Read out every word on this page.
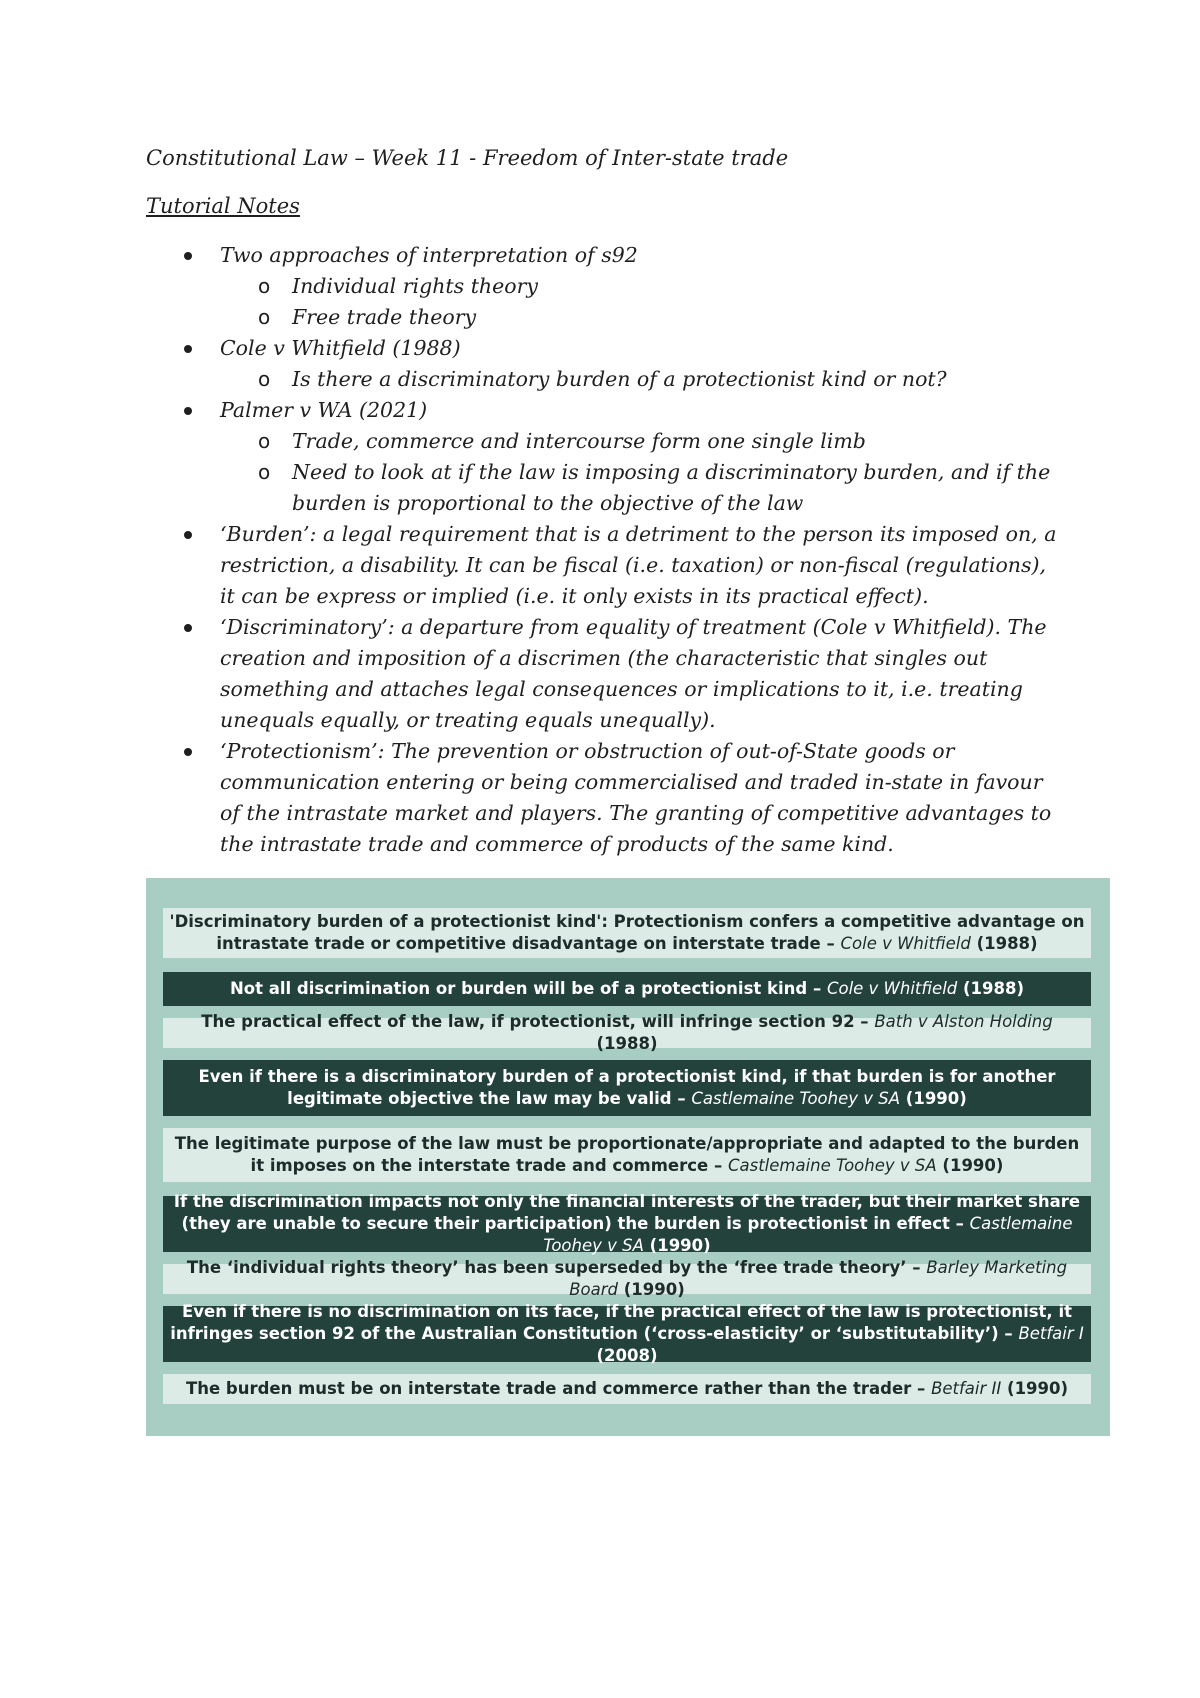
Constitutional Law – Week 11 - Freedom of Inter-state trade
Tutorial Notes
Two approaches of interpretation of s92
o Individual rights theory
o Free trade theory
Cole v Whitfield (1988)
o Is there a discriminatory burden of a protectionist kind or not?
Palmer v WA (2021)
o Trade, commerce and intercourse form one single limb
o Need to look at if the law is imposing a discriminatory burden, and if the burden is proportional to the objective of the law
‘Burden’: a legal requirement that is a detriment to the person its imposed on, a restriction, a disability. It can be fiscal (i.e. taxation) or non-fiscal (regulations), it can be express or implied (i.e. it only exists in its practical effect).
‘Discriminatory’: a departure from equality of treatment (Cole v Whitfield). The creation and imposition of a discrimen (the characteristic that singles out something and attaches legal consequences or implications to it, i.e. treating unequals equally, or treating equals unequally).
‘Protectionism’: The prevention or obstruction of out-of-State goods or communication entering or being commercialised and traded in-state in favour of the intrastate market and players. The granting of competitive advantages to the intrastate trade and commerce of products of the same kind.
'Discriminatory burden of a protectionist kind': Protectionism confers a competitive advantage on intrastate trade or competitive disadvantage on interstate trade – Cole v Whitfield (1988)
Not all discrimination or burden will be of a protectionist kind – Cole v Whitfield (1988)
The practical effect of the law, if protectionist, will infringe section 92 – Bath v Alston Holding (1988)
Even if there is a discriminatory burden of a protectionist kind, if that burden is for another legitimate objective the law may be valid – Castlemaine Toohey v SA (1990)
The legitimate purpose of the law must be proportionate/appropriate and adapted to the burden it imposes on the interstate trade and commerce – Castlemaine Toohey v SA (1990)
If the discrimination impacts not only the financial interests of the trader, but their market share (they are unable to secure their participation) the burden is protectionist in effect – Castlemaine Toohey v SA (1990)
The ‘individual rights theory’ has been superseded by the ‘free trade theory’ – Barley Marketing Board (1990)
Even if there is no discrimination on its face, if the practical effect of the law is protectionist, it infringes section 92 of the Australian Constitution (‘cross-elasticity’ or ‘substitutability’) – Betfair I (2008)
The burden must be on interstate trade and commerce rather than the trader – Betfair II (1990)
